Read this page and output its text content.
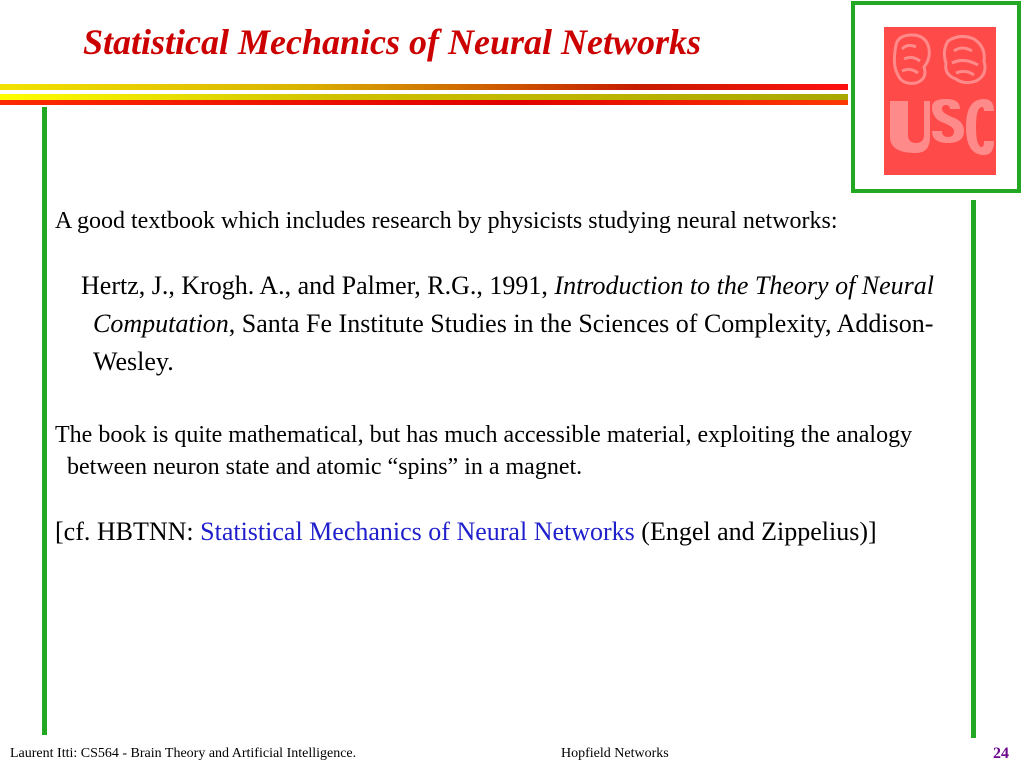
Statistical Mechanics of Neural Networks

A good textbook which includes research by physicists studying neural networks:

Hertz, J., Krogh. A., and Palmer, R.G., 1991, Introduction to the Theory of Neural Computation, Santa Fe Institute Studies in the Sciences of Complexity, Addison-Wesley.

The book is quite mathematical, but has much accessible material, exploiting the analogy between neuron state and atomic “spins” in a magnet.

[cf. HBTNN: Statistical Mechanics of Neural Networks (Engel and Zippelius)]

Laurent Itti: CS564 - Brain Theory and Artificial Intelligence.	Hopfield Networks	24
